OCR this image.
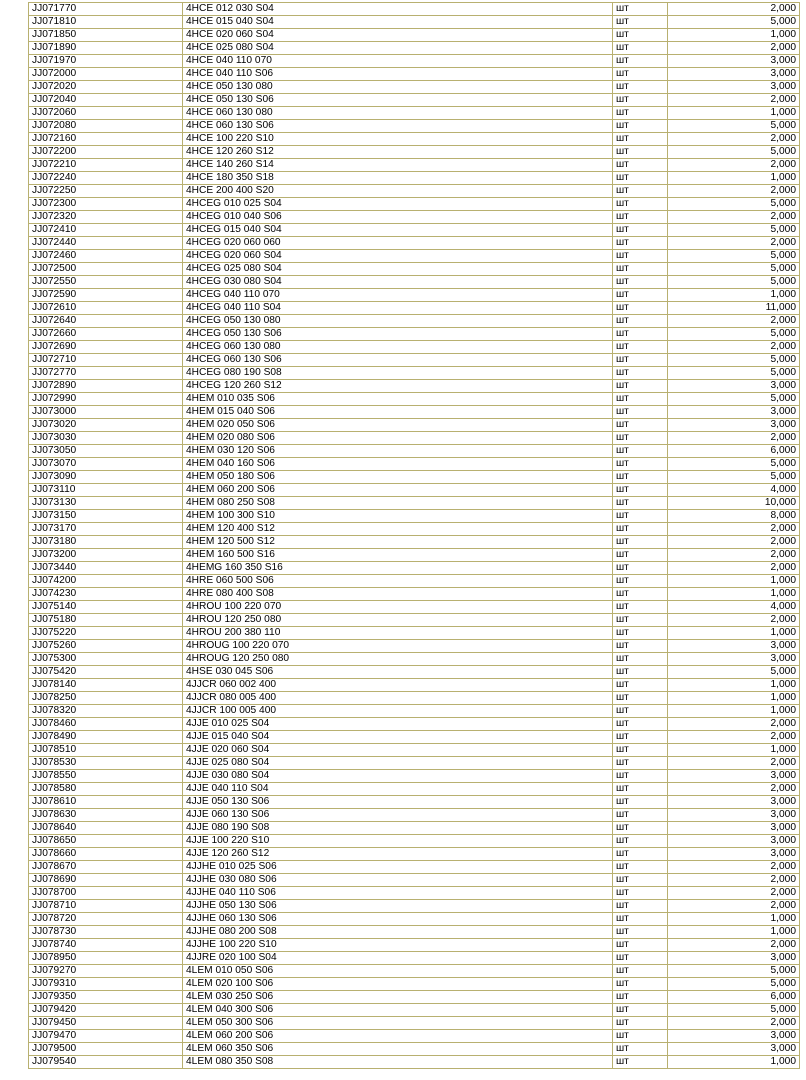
JJ071770	4HCE 012 030 S04	шт	2,000
JJ071810	4HCE 015 040 S04	шт	5,000
JJ071850	4HCE 020 060 S04	шт	1,000
JJ071890	4HCE 025 080 S04	шт	2,000
JJ071970	4HCE 040 110 070	шт	3,000
JJ072000	4HCE 040 110 S06	шт	3,000
JJ072020	4HCE 050 130 080	шт	3,000
JJ072040	4HCE 050 130 S06	шт	2,000
JJ072060	4HCE 060 130 080	шт	1,000
JJ072080	4HCE 060 130 S06	шт	5,000
JJ072160	4HCE 100 220 S10	шт	2,000
JJ072200	4HCE 120 260 S12	шт	5,000
JJ072210	4HCE 140 260 S14	шт	2,000
JJ072240	4HCE 180 350 S18	шт	1,000
JJ072250	4HCE 200 400 S20	шт	2,000
JJ072300	4HCEG 010 025 S04	шт	5,000
JJ072320	4HCEG 010 040 S06	шт	2,000
JJ072410	4HCEG 015 040 S04	шт	5,000
JJ072440	4HCEG 020 060 060	шт	2,000
JJ072460	4HCEG 020 060 S04	шт	5,000
JJ072500	4HCEG 025 080 S04	шт	5,000
JJ072550	4HCEG 030 080 S04	шт	5,000
JJ072590	4HCEG 040 110 070	шт	1,000
JJ072610	4HCEG 040 110 S04	шт	11,000
JJ072640	4HCEG 050 130 080	шт	2,000
JJ072660	4HCEG 050 130 S06	шт	5,000
JJ072690	4HCEG 060 130 080	шт	2,000
JJ072710	4HCEG 060 130 S06	шт	5,000
JJ072770	4HCEG 080 190 S08	шт	5,000
JJ072890	4HCEG 120 260 S12	шт	3,000
JJ072990	4HEM 010 035 S06	шт	5,000
JJ073000	4HEM 015 040 S06	шт	3,000
JJ073020	4HEM 020 050 S06	шт	3,000
JJ073030	4HEM 020 080 S06	шт	2,000
JJ073050	4HEM 030 120 S06	шт	6,000
JJ073070	4HEM 040 160 S06	шт	5,000
JJ073090	4HEM 050 180 S06	шт	5,000
JJ073110	4HEM 060 200 S06	шт	4,000
JJ073130	4HEM 080 250 S08	шт	10,000
JJ073150	4HEM 100 300 S10	шт	8,000
JJ073170	4HEM 120 400 S12	шт	2,000
JJ073180	4HEM 120 500 S12	шт	2,000
JJ073200	4HEM 160 500 S16	шт	2,000
JJ073440	4HEMG 160 350 S16	шт	2,000
JJ074200	4HRE 060 500 S06	шт	1,000
JJ074230	4HRE 080 400 S08	шт	1,000
JJ075140	4HROU 100 220 070	шт	4,000
JJ075180	4HROU 120 250 080	шт	2,000
JJ075220	4HROU 200 380 110	шт	1,000
JJ075260	4HROUG 100 220 070	шт	3,000
JJ075300	4HROUG 120 250 080	шт	3,000
JJ075420	4HSE 030 045 S06	шт	5,000
JJ078140	4JJCR 060 002 400	шт	1,000
JJ078250	4JJCR 080 005 400	шт	1,000
JJ078320	4JJCR 100 005 400	шт	1,000
JJ078460	4JJE 010 025 S04	шт	2,000
JJ078490	4JJE 015 040 S04	шт	2,000
JJ078510	4JJE 020 060 S04	шт	1,000
JJ078530	4JJE 025 080 S04	шт	2,000
JJ078550	4JJE 030 080 S04	шт	3,000
JJ078580	4JJE 040 110 S04	шт	2,000
JJ078610	4JJE 050 130 S06	шт	3,000
JJ078630	4JJE 060 130 S06	шт	3,000
JJ078640	4JJE 080 190 S08	шт	3,000
JJ078650	4JJE 100 220 S10	шт	3,000
JJ078660	4JJE 120 260 S12	шт	3,000
JJ078670	4JJHE 010 025 S06	шт	2,000
JJ078690	4JJHE 030 080 S06	шт	2,000
JJ078700	4JJHE 040 110 S06	шт	2,000
JJ078710	4JJHE 050 130 S06	шт	2,000
JJ078720	4JJHE 060 130 S06	шт	1,000
JJ078730	4JJHE 080 200 S08	шт	1,000
JJ078740	4JJHE 100 220 S10	шт	2,000
JJ078950	4JJRE 020 100 S04	шт	3,000
JJ079270	4LEM 010 050 S06	шт	5,000
JJ079310	4LEM 020 100 S06	шт	5,000
JJ079350	4LEM 030 250 S06	шт	6,000
JJ079420	4LEM 040 300 S06	шт	5,000
JJ079450	4LEM 050 300 S06	шт	2,000
JJ079470	4LEM 060 200 S06	шт	3,000
JJ079500	4LEM 060 350 S06	шт	3,000
JJ079540	4LEM 080 350 S08	шт	1,000
